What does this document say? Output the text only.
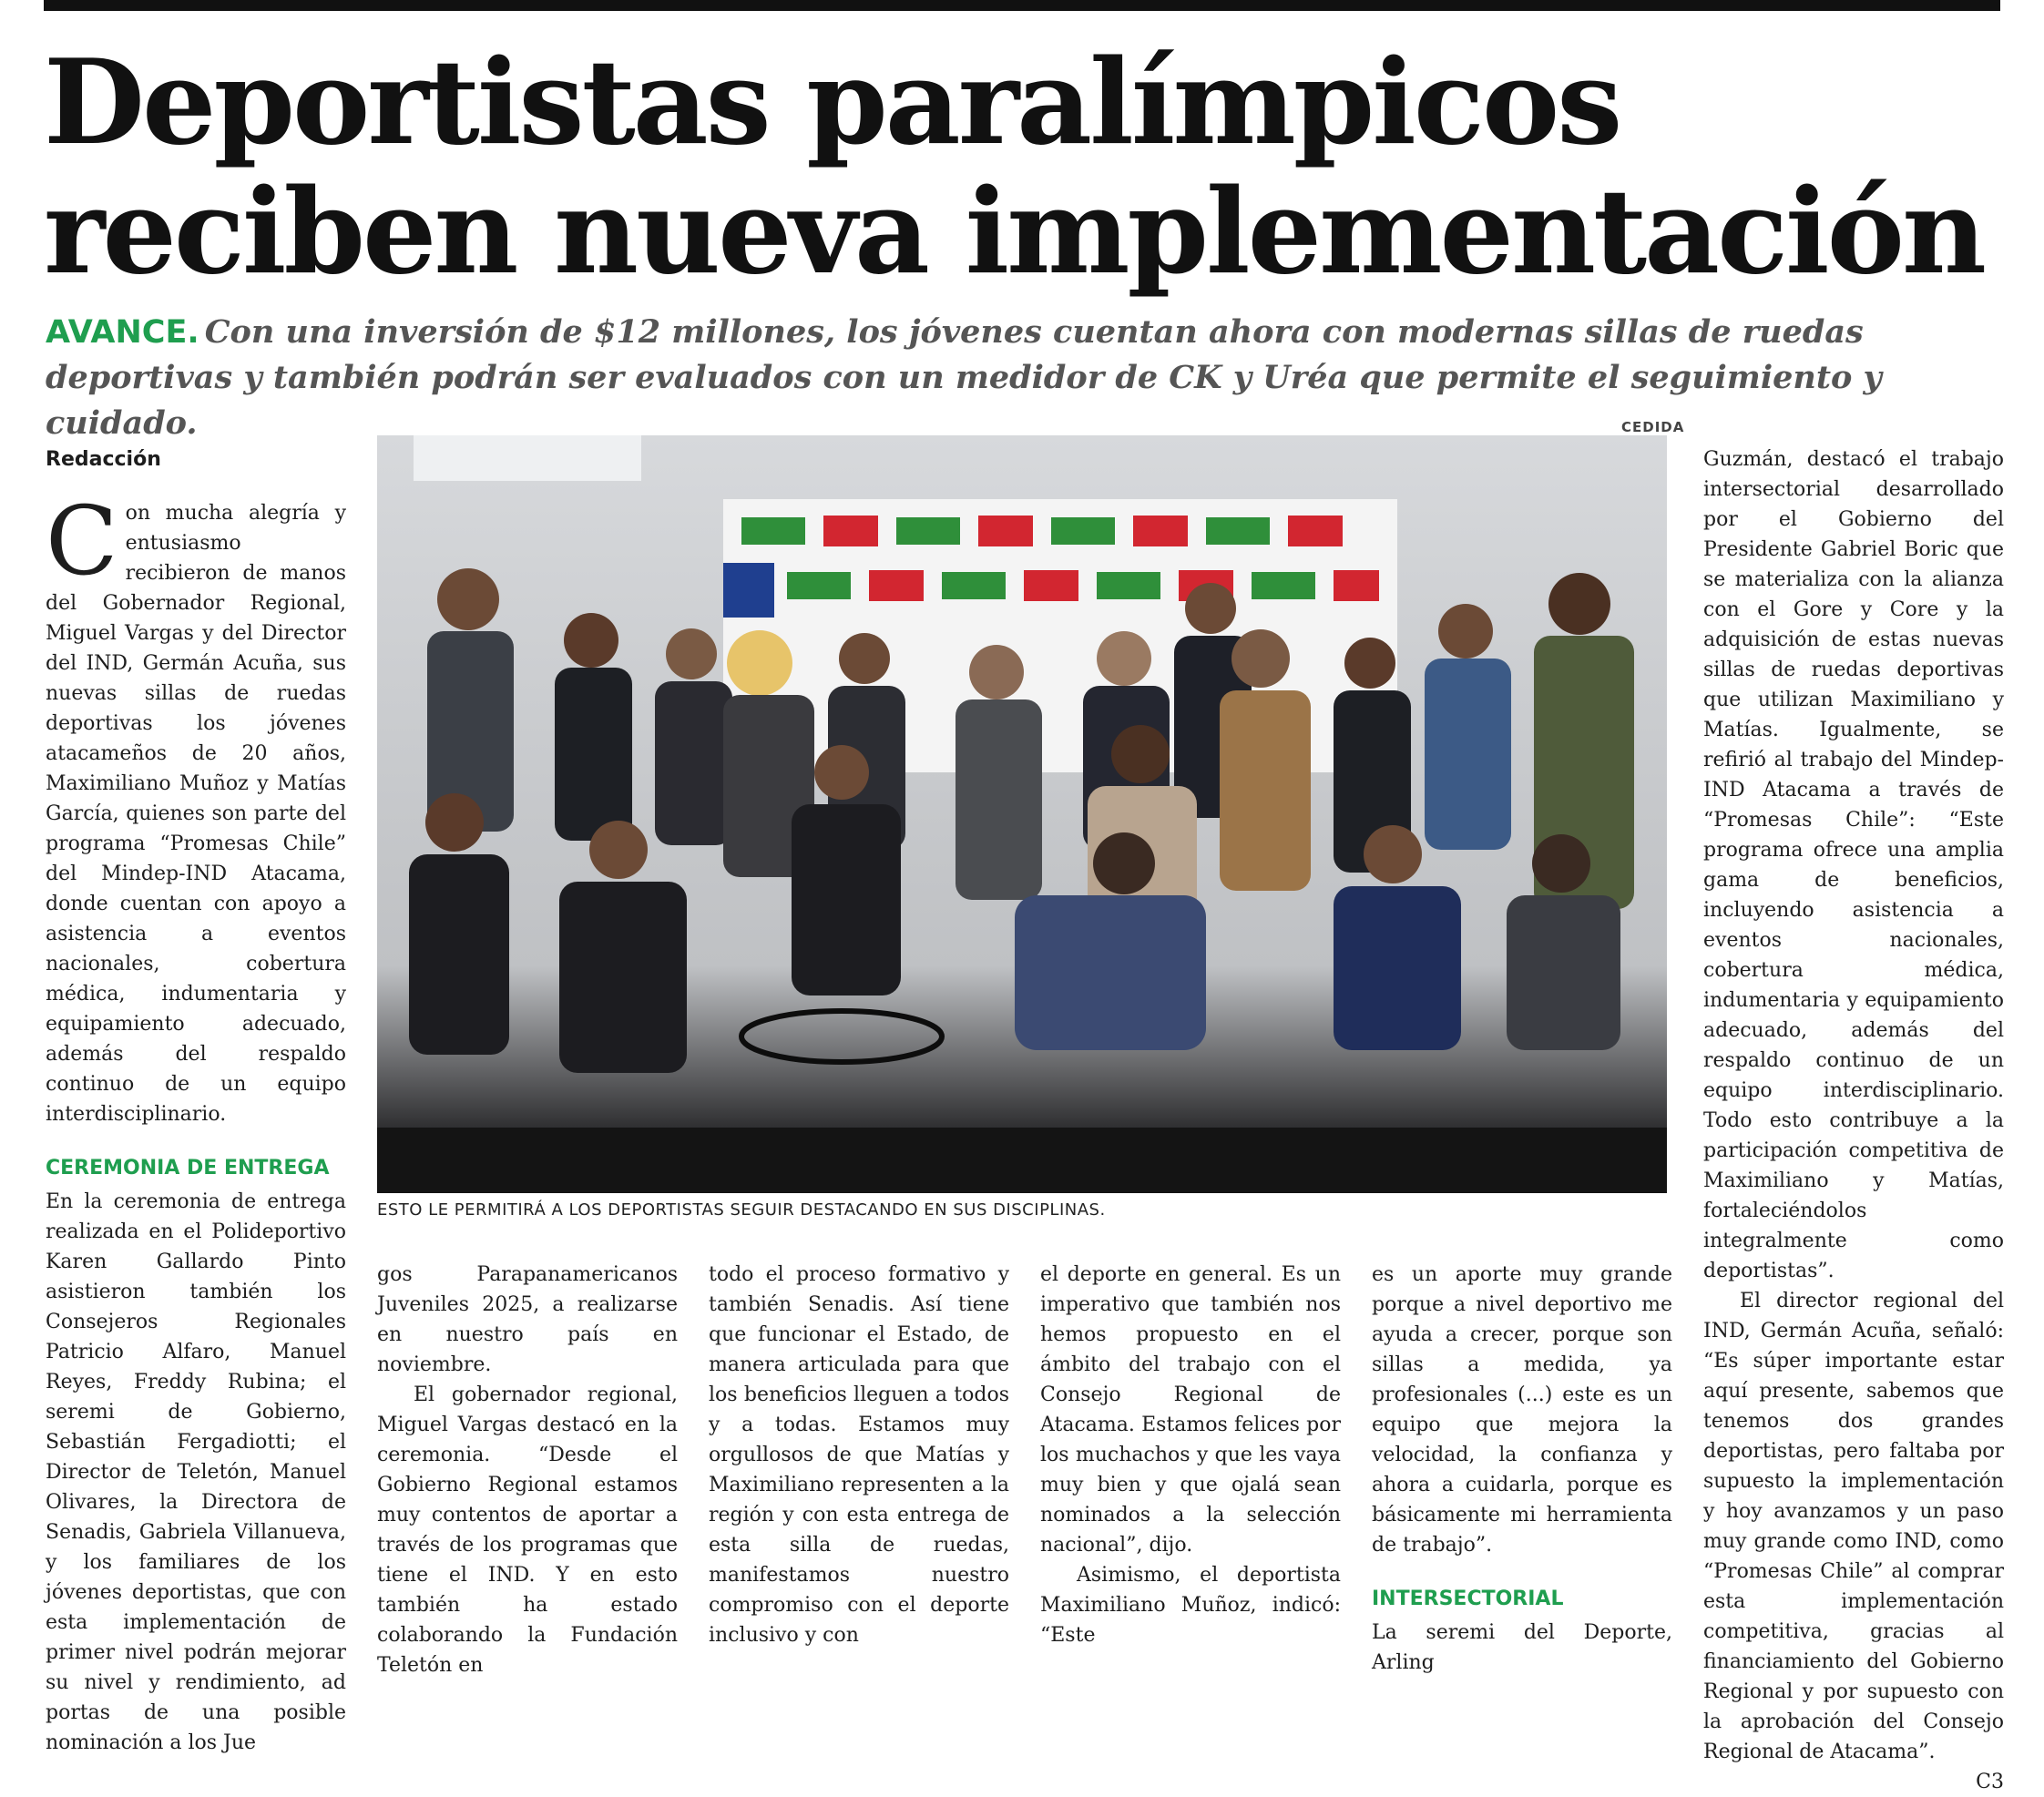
Deportistas paralímpicos reciben nueva implementación

AVANCE. Con una inversión de $12 millones, los jóvenes cuentan ahora con modernas sillas de ruedas deportivas y también podrán ser evaluados con un medidor de CK y Uréa que permite el seguimiento y cuidado.	CEDIDA
ESTO LE PERMITIRÁ A LOS DEPORTISTAS SEGUIR DESTACANDO EN SUS DISCIPLINAS.
Redacción

Con mucha alegría y entusiasmo recibieron de manos del Gobernador Regional, Miguel Vargas y del Director del IND, Germán Acuña, sus nuevas sillas de ruedas deportivas los jóvenes atacameños de 20 años, Maximiliano Muñoz y Matías García, quienes son parte del programa “Promesas Chile” del Mindep-IND Atacama, donde cuentan con apoyo a asistencia a eventos nacionales, cobertura médica, indumentaria y equipamiento adecuado, además del respaldo continuo de un equipo interdisciplinario.

CEREMONIA DE ENTREGA

En la ceremonia de entrega realizada en el Polideportivo Karen Gallardo Pinto asistieron también los Consejeros Regionales Patricio Alfaro, Manuel Reyes, Freddy Rubina; el seremi de Gobierno, Sebastián Fergadiotti; el Director de Teletón, Manuel Olivares, la Directora de Senadis, Gabriela Villanueva, y los familiares de los jóvenes deportistas, que con esta implementación de primer nivel podrán mejorar su nivel y rendimiento, ad portas de una posible nominación a los Jue

gos Parapanamericanos Juveniles 2025, a realizarse en nuestro país en noviembre.

El gobernador regional, Miguel Vargas destacó en la ceremonia. “Desde el Gobierno Regional estamos muy contentos de aportar a través de los programas que tiene el IND. Y en esto también ha estado colaborando la Fundación Teletón en

todo el proceso formativo y también Senadis. Así tiene que funcionar el Estado, de manera articulada para que los beneficios lleguen a todos y a todas. Estamos muy orgullosos de que Matías y Maximiliano representen a la región y con esta entrega de esta silla de ruedas, manifestamos nuestro compromiso con el deporte inclusivo y con

el deporte en general. Es un imperativo que también nos hemos propuesto en el ámbito del trabajo con el Consejo Regional de Atacama. Estamos felices por los muchachos y que les vaya muy bien y que ojalá sean nominados a la selección nacional”, dijo.

Asimismo, el deportista Maximiliano Muñoz, indicó: “Este

es un aporte muy grande porque a nivel deportivo me ayuda a crecer, porque son sillas a medida, ya profesionales (...) este es un equipo que mejora la velocidad, la confianza y ahora a cuidarla, porque es básicamente mi herramienta de trabajo”.

INTERSECTORIAL

La seremi del Deporte, Arling

Guzmán, destacó el trabajo intersectorial desarrollado por el Gobierno del Presidente Gabriel Boric que se materializa con la alianza con el Gore y Core y la adquisición de estas nuevas sillas de ruedas deportivas que utilizan Maximiliano y Matías. Igualmente, se refirió al trabajo del Mindep-IND Atacama a través de “Promesas Chile”: “Este programa ofrece una amplia gama de beneficios, incluyendo asistencia a eventos nacionales, cobertura médica, indumentaria y equipamiento adecuado, además del respaldo continuo de un equipo interdisciplinario. Todo esto contribuye a la participación competitiva de Maximiliano y Matías, fortaleciéndolos integralmente como deportistas”.

El director regional del IND, Germán Acuña, señaló: “Es súper importante estar aquí presente, sabemos que tenemos dos grandes deportistas, pero faltaba por supuesto la implementación y hoy avanzamos y un paso muy grande como IND, como “Promesas Chile” al comprar esta implementación competitiva, gracias al financiamiento del Gobierno Regional y por supuesto con la aprobación del Consejo Regional de Atacama”.

C3
